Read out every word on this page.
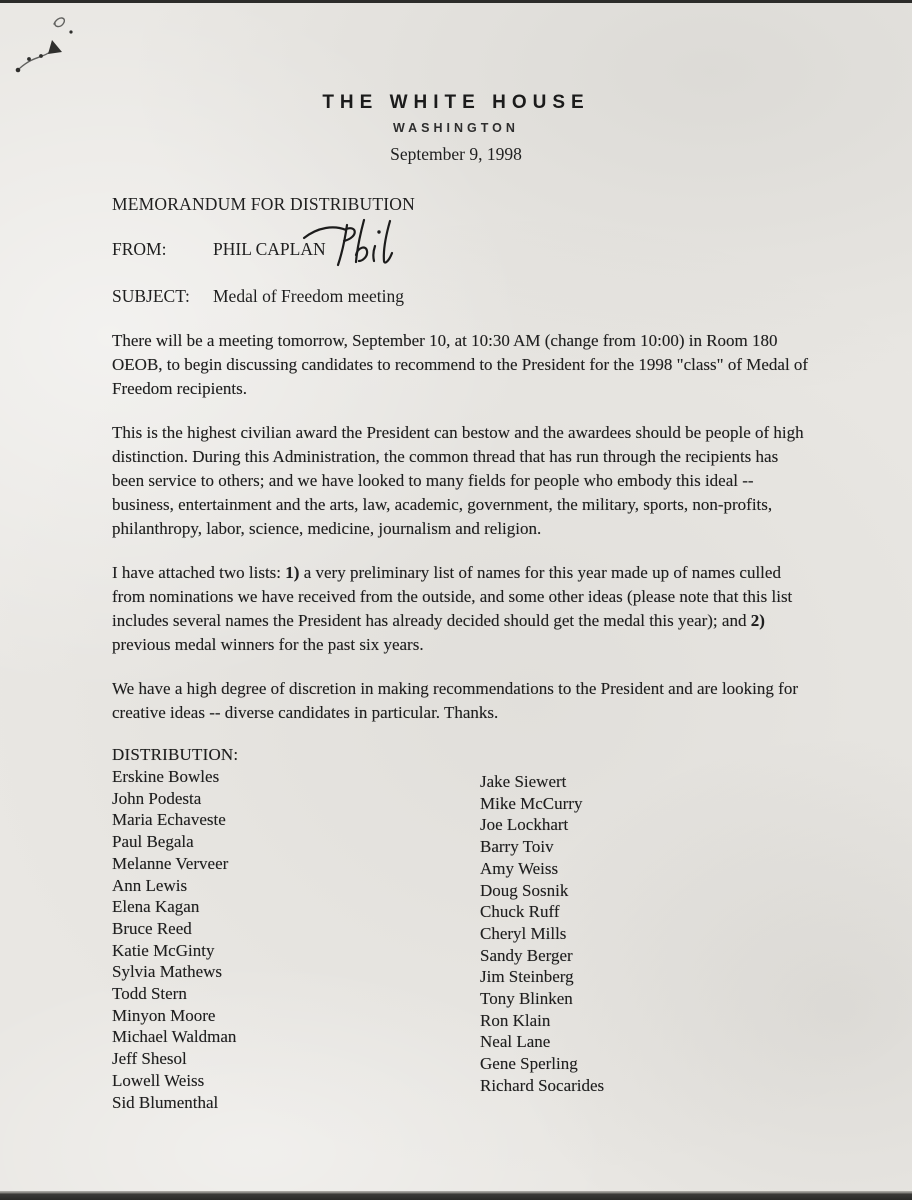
THE WHITE HOUSE
WASHINGTON
September 9, 1998
MEMORANDUM FOR DISTRIBUTION
FROM:	PHIL CAPLAN
SUBJECT:	Medal of Freedom meeting

There will be a meeting tomorrow, September 10, at 10:30 AM (change from 10:00) in Room 180 OEOB, to begin discussing candidates to recommend to the President for the 1998 "class" of Medal of Freedom recipients.

This is the highest civilian award the President can bestow and the awardees should be people of high distinction. During this Administration, the common thread that has run through the recipients has been service to others; and we have looked to many fields for people who embody this ideal -- business, entertainment and the arts, law, academic, government, the military, sports, non-profits, philanthropy, labor, science, medicine, journalism and religion.

I have attached two lists: 1) a very preliminary list of names for this year made up of names culled from nominations we have received from the outside, and some other ideas (please note that this list includes several names the President has already decided should get the medal this year); and 2) previous medal winners for the past six years.

We have a high degree of discretion in making recommendations to the President and are looking for creative ideas -- diverse candidates in particular. Thanks.

DISTRIBUTION:
Erskine Bowles
John Podesta
Maria Echaveste
Paul Begala
Melanne Verveer
Ann Lewis
Elena Kagan
Bruce Reed
Katie McGinty
Sylvia Mathews
Todd Stern
Minyon Moore
Michael Waldman
Jeff Shesol
Lowell Weiss
Sid Blumenthal
Jake Siewert
Mike McCurry
Joe Lockhart
Barry Toiv
Amy Weiss
Doug Sosnik
Chuck Ruff
Cheryl Mills
Sandy Berger
Jim Steinberg
Tony Blinken
Ron Klain
Neal Lane
Gene Sperling
Richard Socarides
